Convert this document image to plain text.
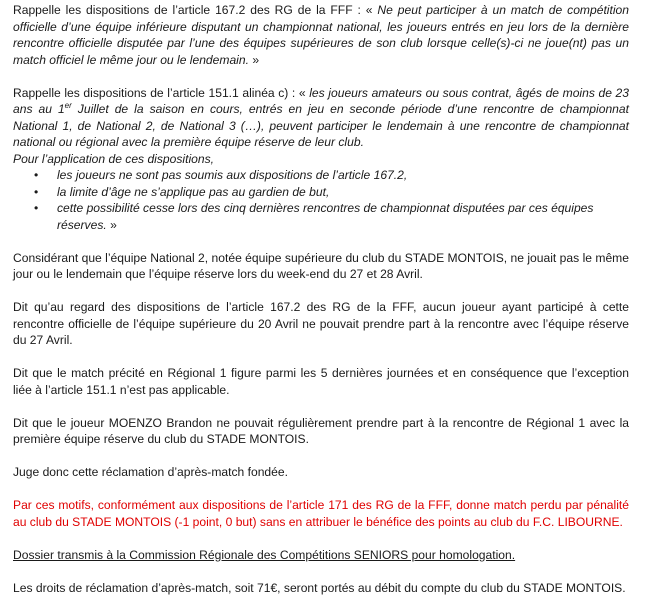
Rappelle les dispositions de l’article 167.2 des RG de la FFF : « Ne peut participer à un match de compétition officielle d’une équipe inférieure disputant un championnat national, les joueurs entrés en jeu lors de la dernière rencontre officielle disputée par l’une des équipes supérieures de son club lorsque celle(s)-ci ne joue(nt) pas un match officiel le même jour ou le lendemain. »

Rappelle les dispositions de l’article 151.1 alinéa c) : « les joueurs amateurs ou sous contrat, âgés de moins de 23 ans au 1er Juillet de la saison en cours, entrés en jeu en seconde période d’une rencontre de championnat National 1, de National 2, de National 3 (…), peuvent participer le lendemain à une rencontre de championnat national ou régional avec la première équipe réserve de leur club.

Pour l’application de ces dispositions,

• les joueurs ne sont pas soumis aux dispositions de l’article 167.2,
• la limite d’âge ne s’applique pas au gardien de but,
• cette possibilité cesse lors des cinq dernières rencontres de championnat disputées par ces équipes réserves. »

Considérant que l’équipe National 2, notée équipe supérieure du club du STADE MONTOIS, ne jouait pas le même jour ou le lendemain que l’équipe réserve lors du week-end du 27 et 28 Avril.

Dit qu’au regard des dispositions de l’article 167.2 des RG de la FFF, aucun joueur ayant participé à cette rencontre officielle de l’équipe supérieure du 20 Avril ne pouvait prendre part à la rencontre avec l’équipe réserve du 27 Avril.

Dit que le match précité en Régional 1 figure parmi les 5 dernières journées et en conséquence que l’exception liée à l’article 151.1 n’est pas applicable.

Dit que le joueur MOENZO Brandon ne pouvait régulièrement prendre part à la rencontre de Régional 1 avec la première équipe réserve du club du STADE MONTOIS.

Juge donc cette réclamation d’après-match fondée.

Par ces motifs, conformément aux dispositions de l’article 171 des RG de la FFF, donne match perdu par pénalité au club du STADE MONTOIS (-1 point, 0 but) sans en attribuer le bénéfice des points au club du F.C. LIBOURNE.

Dossier transmis à la Commission Régionale des Compétitions SENIORS pour homologation.

Les droits de réclamation d’après-match, soit 71€, seront portés au débit du compte du club du STADE MONTOIS.
